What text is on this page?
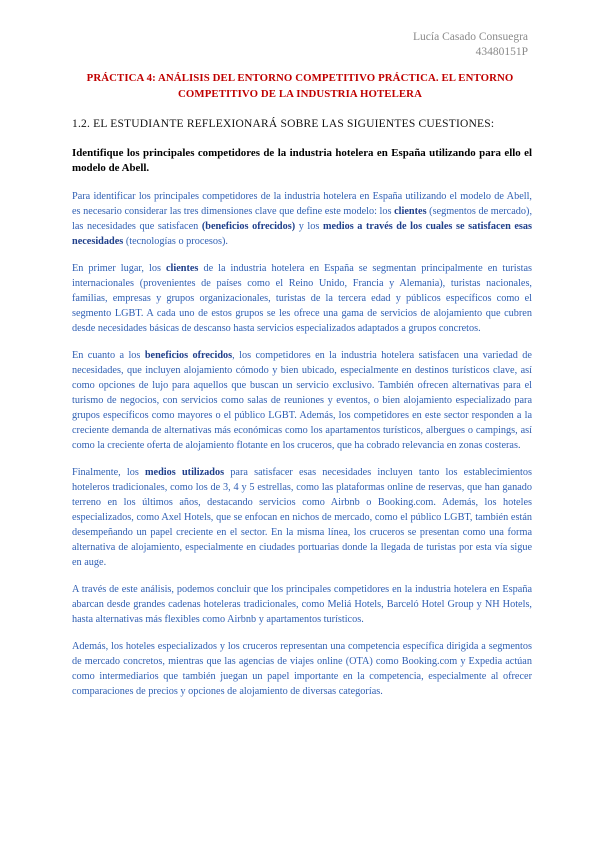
Lucía Casado Consuegra
43480151P
PRÁCTICA 4: ANÁLISIS DEL ENTORNO COMPETITIVO PRÁCTICA. EL ENTORNO COMPETITIVO DE LA INDUSTRIA HOTELERA
1.2. EL ESTUDIANTE REFLEXIONARÁ SOBRE LAS SIGUIENTES CUESTIONES:
Identifique los principales competidores de la industria hotelera en España utilizando para ello el modelo de Abell.

Para identificar los principales competidores de la industria hotelera en España utilizando el modelo de Abell, es necesario considerar las tres dimensiones clave que define este modelo: los clientes (segmentos de mercado), las necesidades que satisfacen (beneficios ofrecidos) y los medios a través de los cuales se satisfacen esas necesidades (tecnologías o procesos).

En primer lugar, los clientes de la industria hotelera en España se segmentan principalmente en turistas internacionales (provenientes de países como el Reino Unido, Francia y Alemania), turistas nacionales, familias, empresas y grupos organizacionales, turistas de la tercera edad y públicos específicos como el segmento LGBT. A cada uno de estos grupos se les ofrece una gama de servicios de alojamiento que cubren desde necesidades básicas de descanso hasta servicios especializados adaptados a grupos concretos.

En cuanto a los beneficios ofrecidos, los competidores en la industria hotelera satisfacen una variedad de necesidades, que incluyen alojamiento cómodo y bien ubicado, especialmente en destinos turísticos clave, así como opciones de lujo para aquellos que buscan un servicio exclusivo. También ofrecen alternativas para el turismo de negocios, con servicios como salas de reuniones y eventos, o bien alojamiento especializado para grupos específicos como mayores o el público LGBT. Además, los competidores en este sector responden a la creciente demanda de alternativas más económicas como los apartamentos turísticos, albergues o campings, así como la creciente oferta de alojamiento flotante en los cruceros, que ha cobrado relevancia en zonas costeras.

Finalmente, los medios utilizados para satisfacer esas necesidades incluyen tanto los establecimientos hoteleros tradicionales, como los de 3, 4 y 5 estrellas, como las plataformas online de reservas, que han ganado terreno en los últimos años, destacando servicios como Airbnb o Booking.com. Además, los hoteles especializados, como Axel Hotels, que se enfocan en nichos de mercado, como el público LGBT, también están desempeñando un papel creciente en el sector. En la misma línea, los cruceros se presentan como una forma alternativa de alojamiento, especialmente en ciudades portuarias donde la llegada de turistas por esta vía sigue en auge.

A través de este análisis, podemos concluir que los principales competidores en la industria hotelera en España abarcan desde grandes cadenas hoteleras tradicionales, como Meliá Hotels, Barceló Hotel Group y NH Hotels, hasta alternativas más flexibles como Airbnb y apartamentos turísticos.

Además, los hoteles especializados y los cruceros representan una competencia específica dirigida a segmentos de mercado concretos, mientras que las agencias de viajes online (OTA) como Booking.com y Expedia actúan como intermediarios que también juegan un papel importante en la competencia, especialmente al ofrecer comparaciones de precios y opciones de alojamiento de diversas categorías.
